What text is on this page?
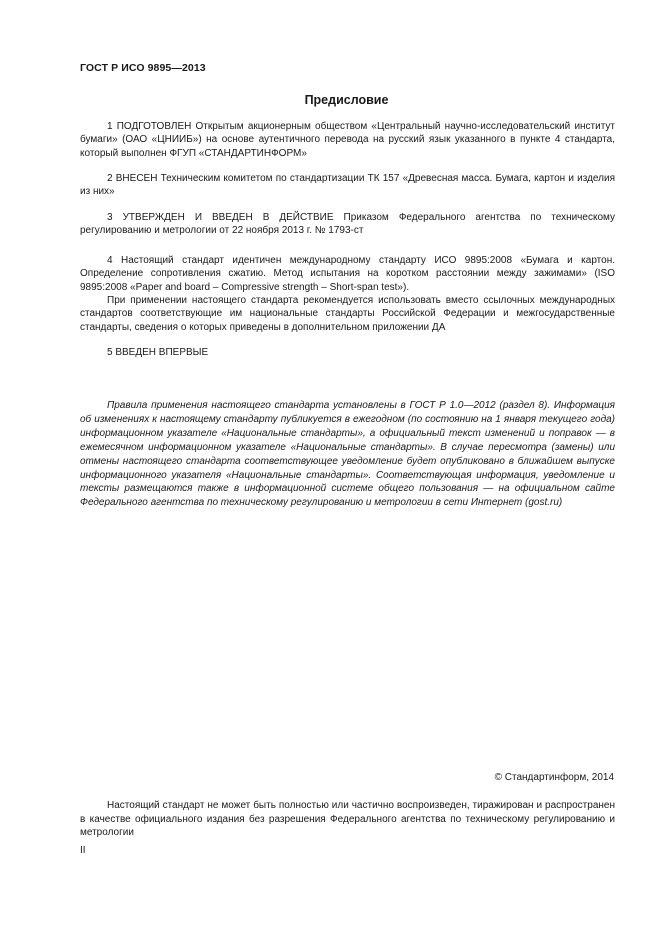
ГОСТ Р ИСО 9895—2013
Предисловие

1 ПОДГОТОВЛЕН Открытым акционерным обществом «Центральный научно-исследовательский институт бумаги» (ОАО «ЦНИИБ») на основе аутентичного перевода на русский язык указанного в пункте 4 стандарта, который выполнен ФГУП «СТАНДАРТИНФОРМ»

2 ВНЕСЕН Техническим комитетом по стандартизации ТК 157 «Древесная масса. Бумага, картон и изделия из них»

3 УТВЕРЖДЕН И ВВЕДЕН В ДЕЙСТВИЕ Приказом Федерального агентства по техническому регулированию и метрологии от 22 ноября 2013 г. № 1793-ст

4 Настоящий стандарт идентичен международному стандарту ИСО 9895:2008 «Бумага и картон. Определение сопротивления сжатию. Метод испытания на коротком расстоянии между зажимами» (ISO 9895:2008 «Paper and board – Compressive strength – Short-span test»).

При применении настоящего стандарта рекомендуется использовать вместо ссылочных международных стандартов соответствующие им национальные стандарты Российской Федерации и межгосударственные стандарты, сведения о которых приведены в дополнительном приложении ДА

5 ВВЕДЕН ВПЕРВЫЕ

Правила применения настоящего стандарта установлены в ГОСТ Р 1.0—2012 (раздел 8). Информация об изменениях к настоящему стандарту публикуется в ежегодном (по состоянию на 1 января текущего года) информационном указателе «Национальные стандарты», а официальный текст изменений и поправок — в ежемесячном информационном указателе «Национальные стандарты». В случае пересмотра (замены) или отмены настоящего стандарта соответствующее уведомление будет опубликовано в ближайшем выпуске информационного указателя «Национальные стандарты». Соответствующая информация, уведомление и тексты размещаются также в информационной системе общего пользования — на официальном сайте Федерального агентства по техническому регулированию и метрологии в сети Интернет (gost.ru)

© Стандартинформ, 2014

Настоящий стандарт не может быть полностью или частично воспроизведен, тиражирован и распространен в качестве официального издания без разрешения Федерального агентства по техническому регулированию и метрологии

II
